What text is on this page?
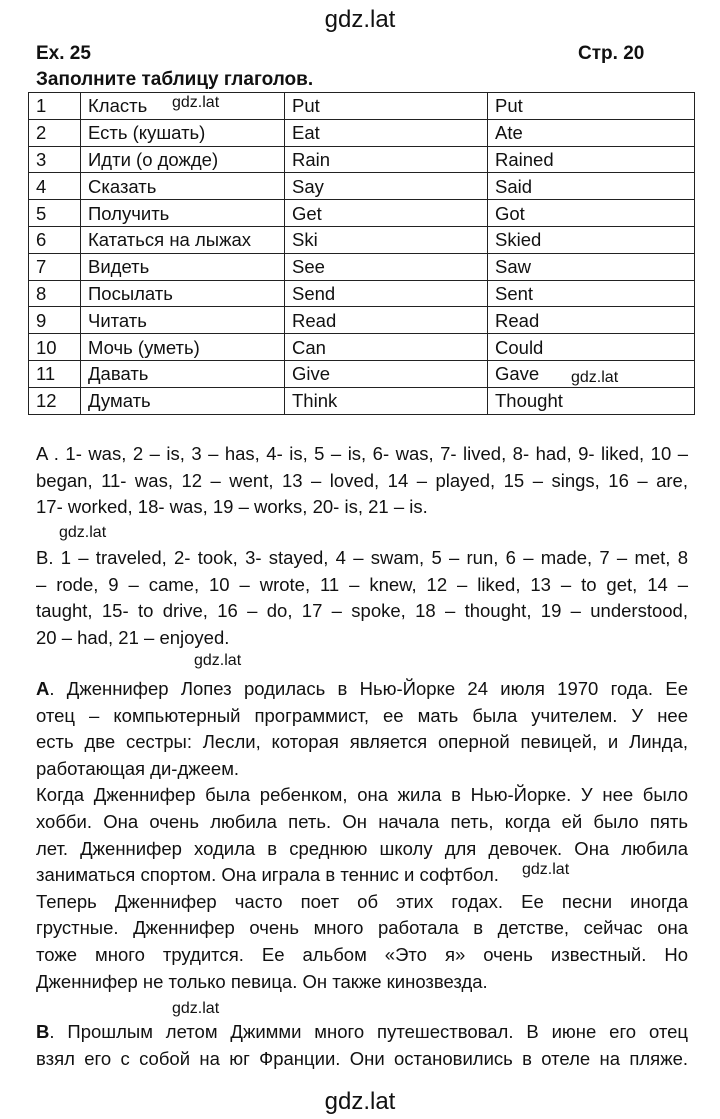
gdz.lat
Ex. 25	Стр. 20
Заполните таблицу глаголов.
1	Класть	Put	Put
2	Есть (кушать)	Eat	Ate
3	Идти (о дожде)	Rain	Rained
4	Сказать	Say	Said
5	Получить	Get	Got
6	Кататься на лыжах	Ski	Skied
7	Видеть	See	Saw
8	Посылать	Send	Sent
9	Читать	Read	Read
10	Мочь (уметь)	Can	Could
11	Давать	Give	Gave
12	Думать	Think	Thought
gdz.lat
gdz.lat
A . 1- was, 2 – is, 3 – has, 4- is, 5 – is, 6- was, 7- lived, 8- had, 9- liked, 10 –
began, 11- was, 12 – went, 13 – loved, 14 – played, 15 – sings, 16 – are,
17- worked, 18- was, 19 – works, 20- is, 21 – is.
gdz.lat
B. 1 – traveled, 2- took, 3- stayed, 4 – swam, 5 – run, 6 – made, 7 – met, 8
– rode, 9 – came, 10 – wrote, 11 – knew, 12 – liked, 13 – to get, 14 –
taught, 15- to drive, 16 – do, 17 – spoke, 18 – thought, 19 – understood,
20 – had, 21 – enjoyed.
gdz.lat
A. Дженнифер Лопез родилась в Нью-Йорке 24 июля 1970 года. Ее
отец – компьютерный программист, ее мать была учителем. У нее
есть две сестры: Лесли, которая является оперной певицей, и Линда,
работающая ди-джеем.
Когда Дженнифер была ребенком, она жила в Нью-Йорке. У нее было
хобби. Она очень любила петь. Он начала петь, когда ей было пять
лет. Дженнифер ходила в среднюю школу для девочек. Она любила
заниматься спортом. Она играла в теннис и софтбол.
Теперь Дженнифер часто поет об этих годах. Ее песни иногда
грустные. Дженнифер очень много работала в детстве, сейчас она
тоже много трудится. Ее альбом «Это я» очень известный. Но
Дженнифер не только певица. Он также кинозвезда.
gdz.lat
gdz.lat
B. Прошлым летом Джимми много путешествовал. В июне его отец
взял его с собой на юг Франции. Они остановились в отеле на пляже.
gdz.lat
